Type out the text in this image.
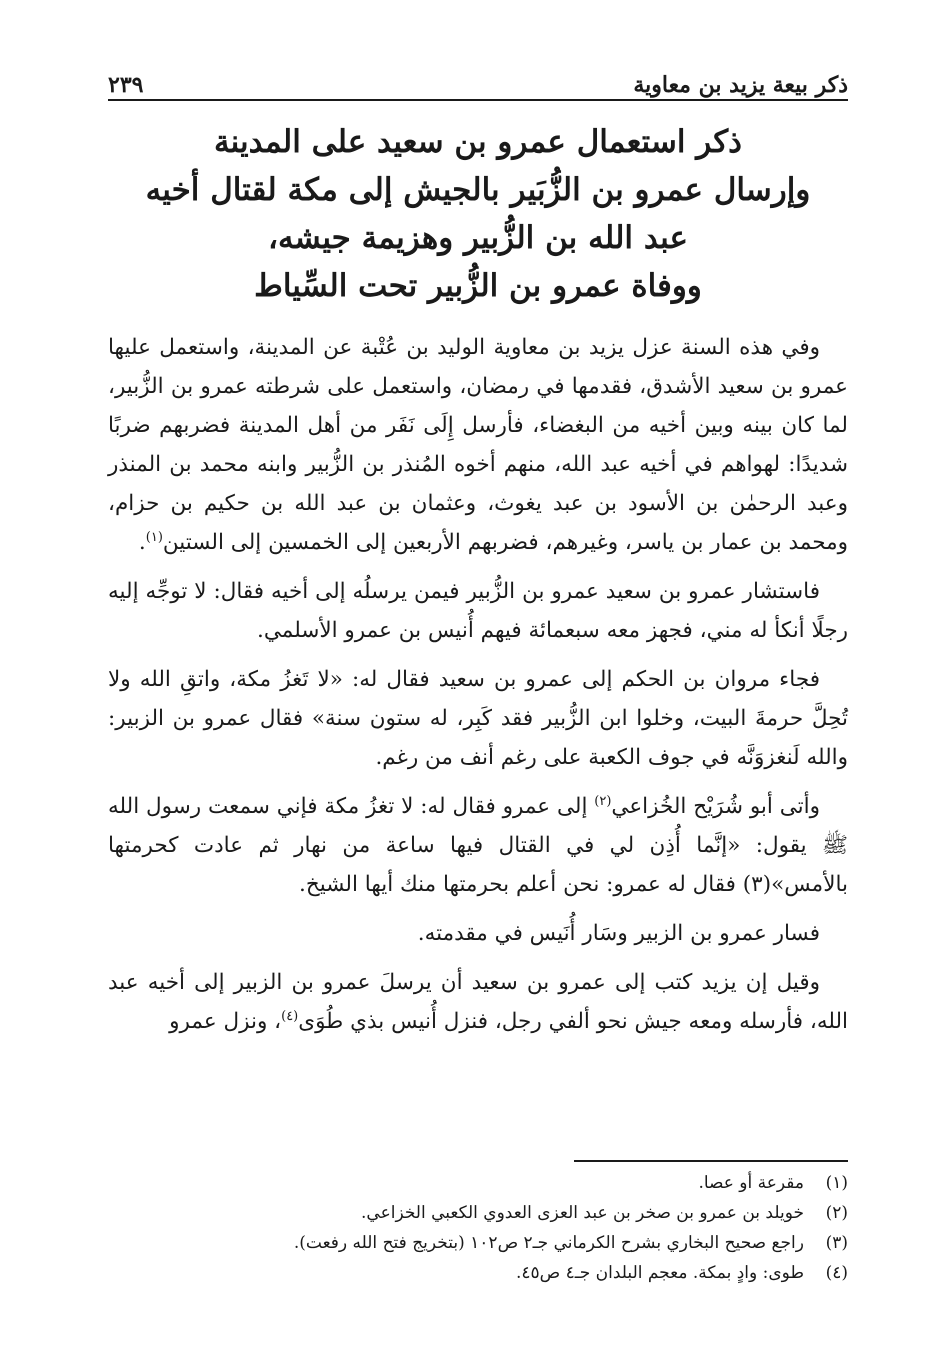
ذكر بيعة يزيد بن معاوية
٢٣٩
ذكر استعمال عمرو بن سعيد على المدينة
وإرسال عمرو بن الزُّبَير بالجيش إلى مكة لقتال أخيه
عبد الله بن الزُّبير وهزيمة جيشه،
ووفاة عمرو بن الزُّبير تحت السِّياط

وفي هذه السنة عزل يزيد بن معاوية الوليد بن عُتْبة عن المدينة، واستعمل عليها عمرو بن سعيد الأشدق، فقدمها في رمضان، واستعمل على شرطته عمرو بن الزُّبير، لما كان بينه وبين أخيه من البغضاء، فأرسل إِلَى نَفَر من أهل المدينة فضربهم ضربًا شديدًا: لهواهم في أخيه عبد الله، منهم أخوه المُنذر بن الزُّبير وابنه محمد بن المنذر وعبد الرحمٰن بن الأسود بن عبد يغوث، وعثمان بن عبد الله بن حكيم بن حزام، ومحمد بن عمار بن ياسر، وغيرهم، فضربهم الأربعين إلى الخمسين إلى الستين$^{(١)}$.

فاستشار عمرو بن سعيد عمرو بن الزُّبير فيمن يرسلُه إلى أخيه فقال: لا توجِّه إليه رجلًا أنكأ له مني، فجهز معه سبعمائة فيهم أُنيس بن عمرو الأسلمي.

فجاء مروان بن الحكم إلى عمرو بن سعيد فقال له: «لا تَغزُ مكة، واتقِ الله ولا تُحِلَّ حرمةَ البيت، وخلوا ابن الزُّبير فقد كَبِر، له ستون سنة» فقال عمرو بن الزبير: والله لَنغزوَنَّه في جوف الكعبة على رغم أنف من رغم.

وأتى أبو شُرَيْح الخُزاعي$^{(٢)}$ إلى عمرو فقال له: لا تغزُ مكة فإني سمعت رسول الله ﷺ يقول: «إنَّما أُذِن لي في القتال فيها ساعة من نهار ثم عادت كحرمتها بالأمس»(٣) فقال له عمرو: نحن أعلم بحرمتها منك أيها الشيخ.

فسار عمرو بن الزبير وسَار أُنَيس في مقدمته.

وقيل إن يزيد كتب إلى عمرو بن سعيد أن يرسلَ عمرو بن الزبير إلى أخيه عبد الله، فأرسله ومعه جيش نحو ألفي رجل، فنزل أُنيس بذي طُوَى$^{(٤)}$، ونزل عمرو

(١)
مقرعة أو عصا.
(٢)
خويلد بن عمرو بن صخر بن عبد العزى العدوي الكعبي الخزاعي.
(٣)
راجع صحيح البخاري بشرح الكرماني جـ٢ ص١٠٢ (بتخريج فتح الله رفعت).
(٤)
طوى: وادٍ بمكة. معجم البلدان جـ٤ ص٤٥.
